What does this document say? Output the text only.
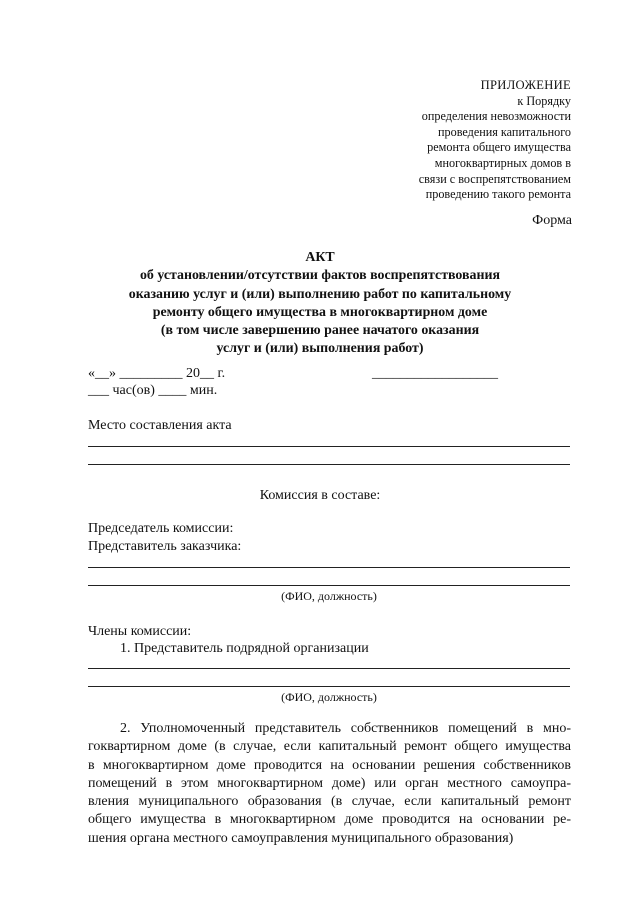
ПРИЛОЖЕНИЕ
к Порядку
определения невозможности
проведения капитального
ремонта общего имущества
многоквартирных домов в
связи с воспрепятствованием
проведению такого ремонта
Форма
АКТ
об установлении/отсутствии фактов воспрепятствования
оказанию услуг и (или) выполнению работ по капитальному
ремонту общего имущества в многоквартирном доме
(в том числе завершению ранее начатого оказания
услуг и (или) выполнения работ)
«__» _________ 20__ г.	__________________
___ час(ов) ____ мин.
Место составления акта
Комиссия в составе:
Председатель комиссии:
Представитель заказчика:
(ФИО, должность)
Члены комиссии:
1. Представитель подрядной организации
(ФИО, должность)
2. Уполномоченный представитель собственников помещений в мно-
гоквартирном доме (в случае, если капитальный ремонт общего имущества
в многоквартирном доме проводится на основании решения собственников
помещений в этом многоквартирном доме) или орган местного самоупра-
вления муниципального образования (в случае, если капитальный ремонт
общего имущества в многоквартирном доме проводится на основании ре-
шения органа местного самоуправления муниципального образования)
